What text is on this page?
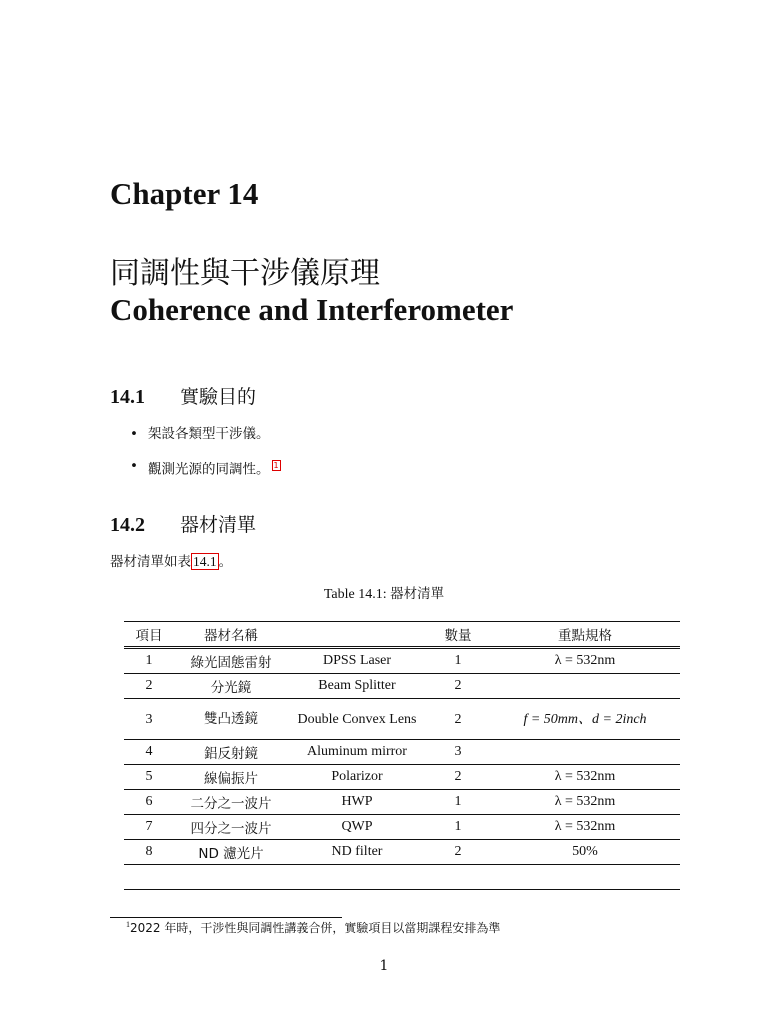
Chapter 14
同調性與干涉儀原理
Coherence and Interferometer
14.1 實驗目的
• 架設各類型干涉儀。
• 觀測光源的同調性。 $^1$
14.2 器材清單

器材清單如表 14.1 。

Table 14.1: 器材清單

項目	器材名稱		數量	重點規格
1	綠光固態雷射	DPSS Laser	1	λ = 532nm
2	分光鏡	Beam Splitter	2	
3	雙凸透鏡	Double Convex Lens	2	f = 50mm、d = 2inch
4	鋁反射鏡	Aluminum mirror	3	
5	線偏振片	Polarizor	2	λ = 532nm
6	二分之一波片	HWP	1	λ = 532nm
7	四分之一波片	QWP	1	λ = 532nm
8	ND 濾光片	ND filter	2	50%

$^1$2022 年時，干涉性與同調性講義合併，實驗項目以當期課程安排為準

1
